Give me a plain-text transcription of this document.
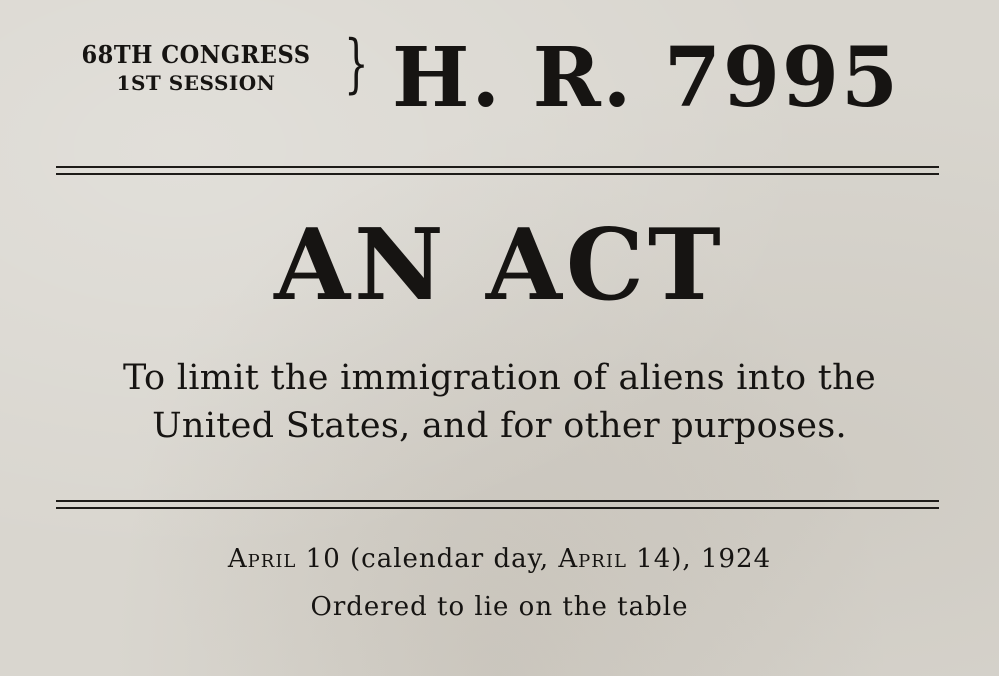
68TH CONGRESS
1ST SESSION	} H. R. 7995
AN ACT
To limit the immigration of aliens into the
United States, and for other purposes.
April 10 (calendar day, April 14), 1924
Ordered to lie on the table
